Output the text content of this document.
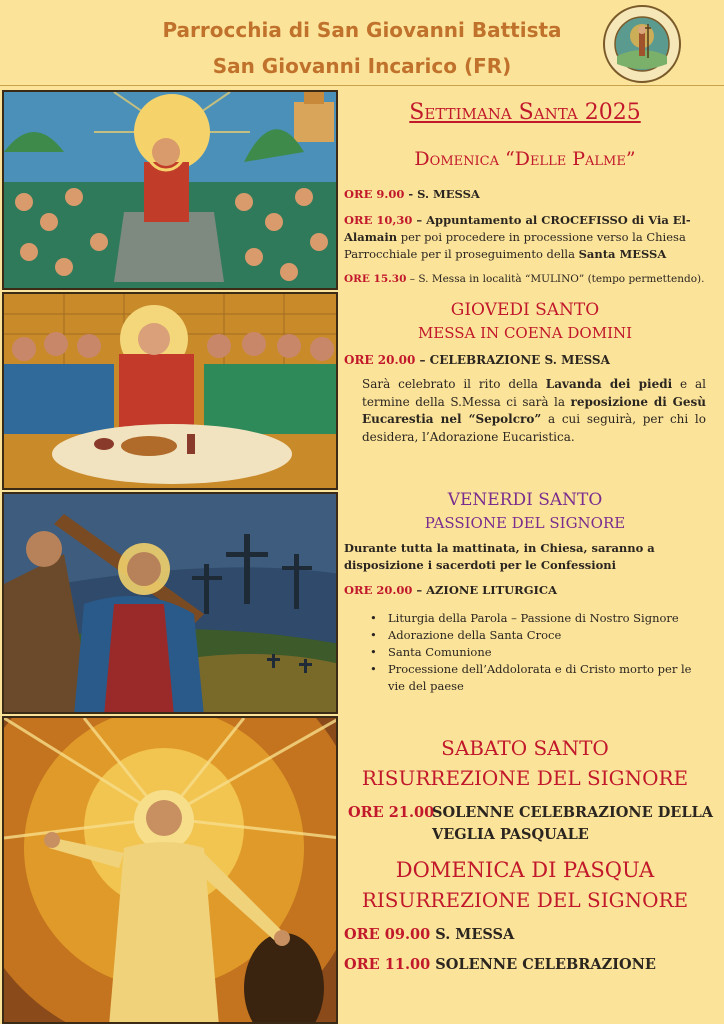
Parrocchia di San Giovanni Battista
San Giovanni Incarico (FR)
Settimana Santa 2025
Domenica “Delle Palme”
ORE 9.00 - S. MESSA
ORE 10,30 – Appuntamento al CROCEFISSO di Via El-Alamain per poi procedere in processione verso la Chiesa Parrocchiale per il proseguimento della Santa MESSA
ORE 15.30 – S. Messa in località “MULINO” (tempo permettendo).
GIOVEDI SANTO
MESSA IN COENA DOMINI
ORE 20.00 – CELEBRAZIONE S. MESSA
Sarà celebrato il rito della Lavanda dei piedi e al termine della S.Messa ci sarà la reposizione di Gesù Eucarestia nel “Sepolcro” a cui seguirà, per chi lo desidera, l’Adorazione Eucaristica.
VENERDI SANTO
PASSIONE DEL SIGNORE
Durante tutta la mattinata, in Chiesa, saranno a disposizione i sacerdoti per le Confessioni
ORE 20.00 – AZIONE LITURGICA
• Liturgia della Parola – Passione di Nostro Signore
• Adorazione della Santa Croce
• Santa Comunione
• Processione dell’Addolorata e di Cristo morto per le vie del paese
SABATO SANTO
RISURREZIONE DEL SIGNORE
ORE 21.00
SOLENNE CELEBRAZIONE DELLA
VEGLIA PASQUALE
DOMENICA DI PASQUA
RISURREZIONE DEL SIGNORE
ORE 09.00 S. MESSA
ORE 11.00 SOLENNE CELEBRAZIONE
